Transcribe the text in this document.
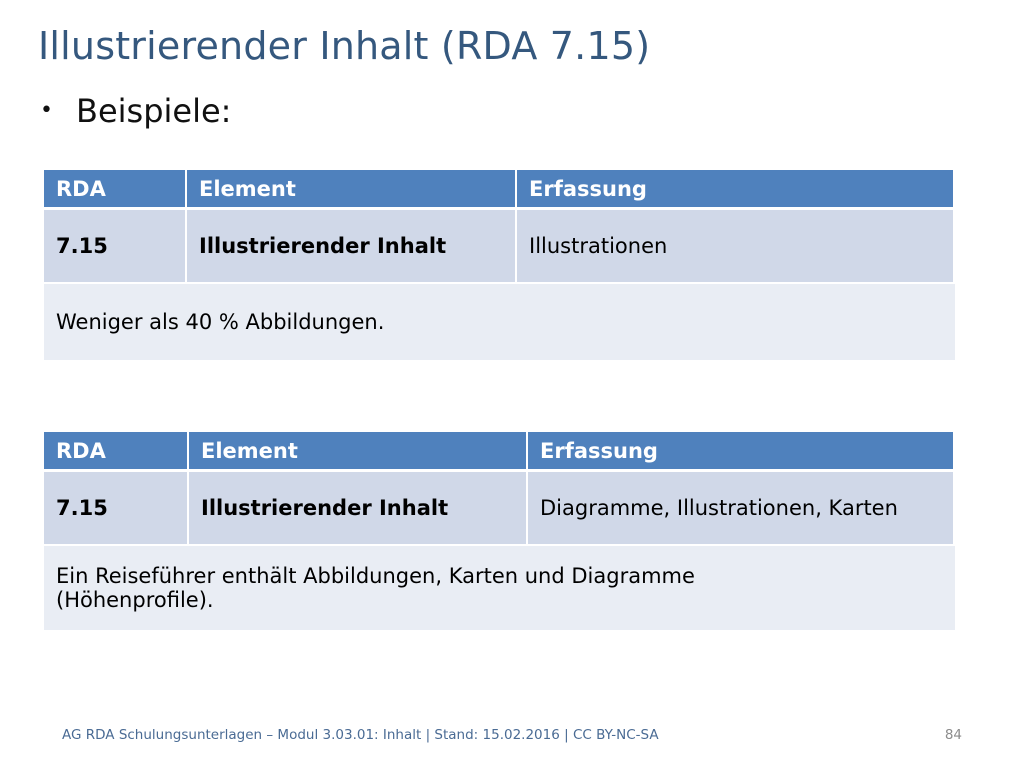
Illustrierender Inhalt (RDA 7.15)
• Beispiele:
RDA	Element	Erfassung
7.15	Illustrierender Inhalt	Illustrationen
Weniger als 40 % Abbildungen.		
RDA	Element	Erfassung
7.15	Illustrierender Inhalt	Diagramme, Illustrationen, Karten
Ein Reiseführer enthält Abbildungen, Karten und Diagramme (Höhenprofile).		
AG RDA Schulungsunterlagen – Modul 3.03.01: Inhalt | Stand: 15.02.2016 | CC BY-NC-SA	84
